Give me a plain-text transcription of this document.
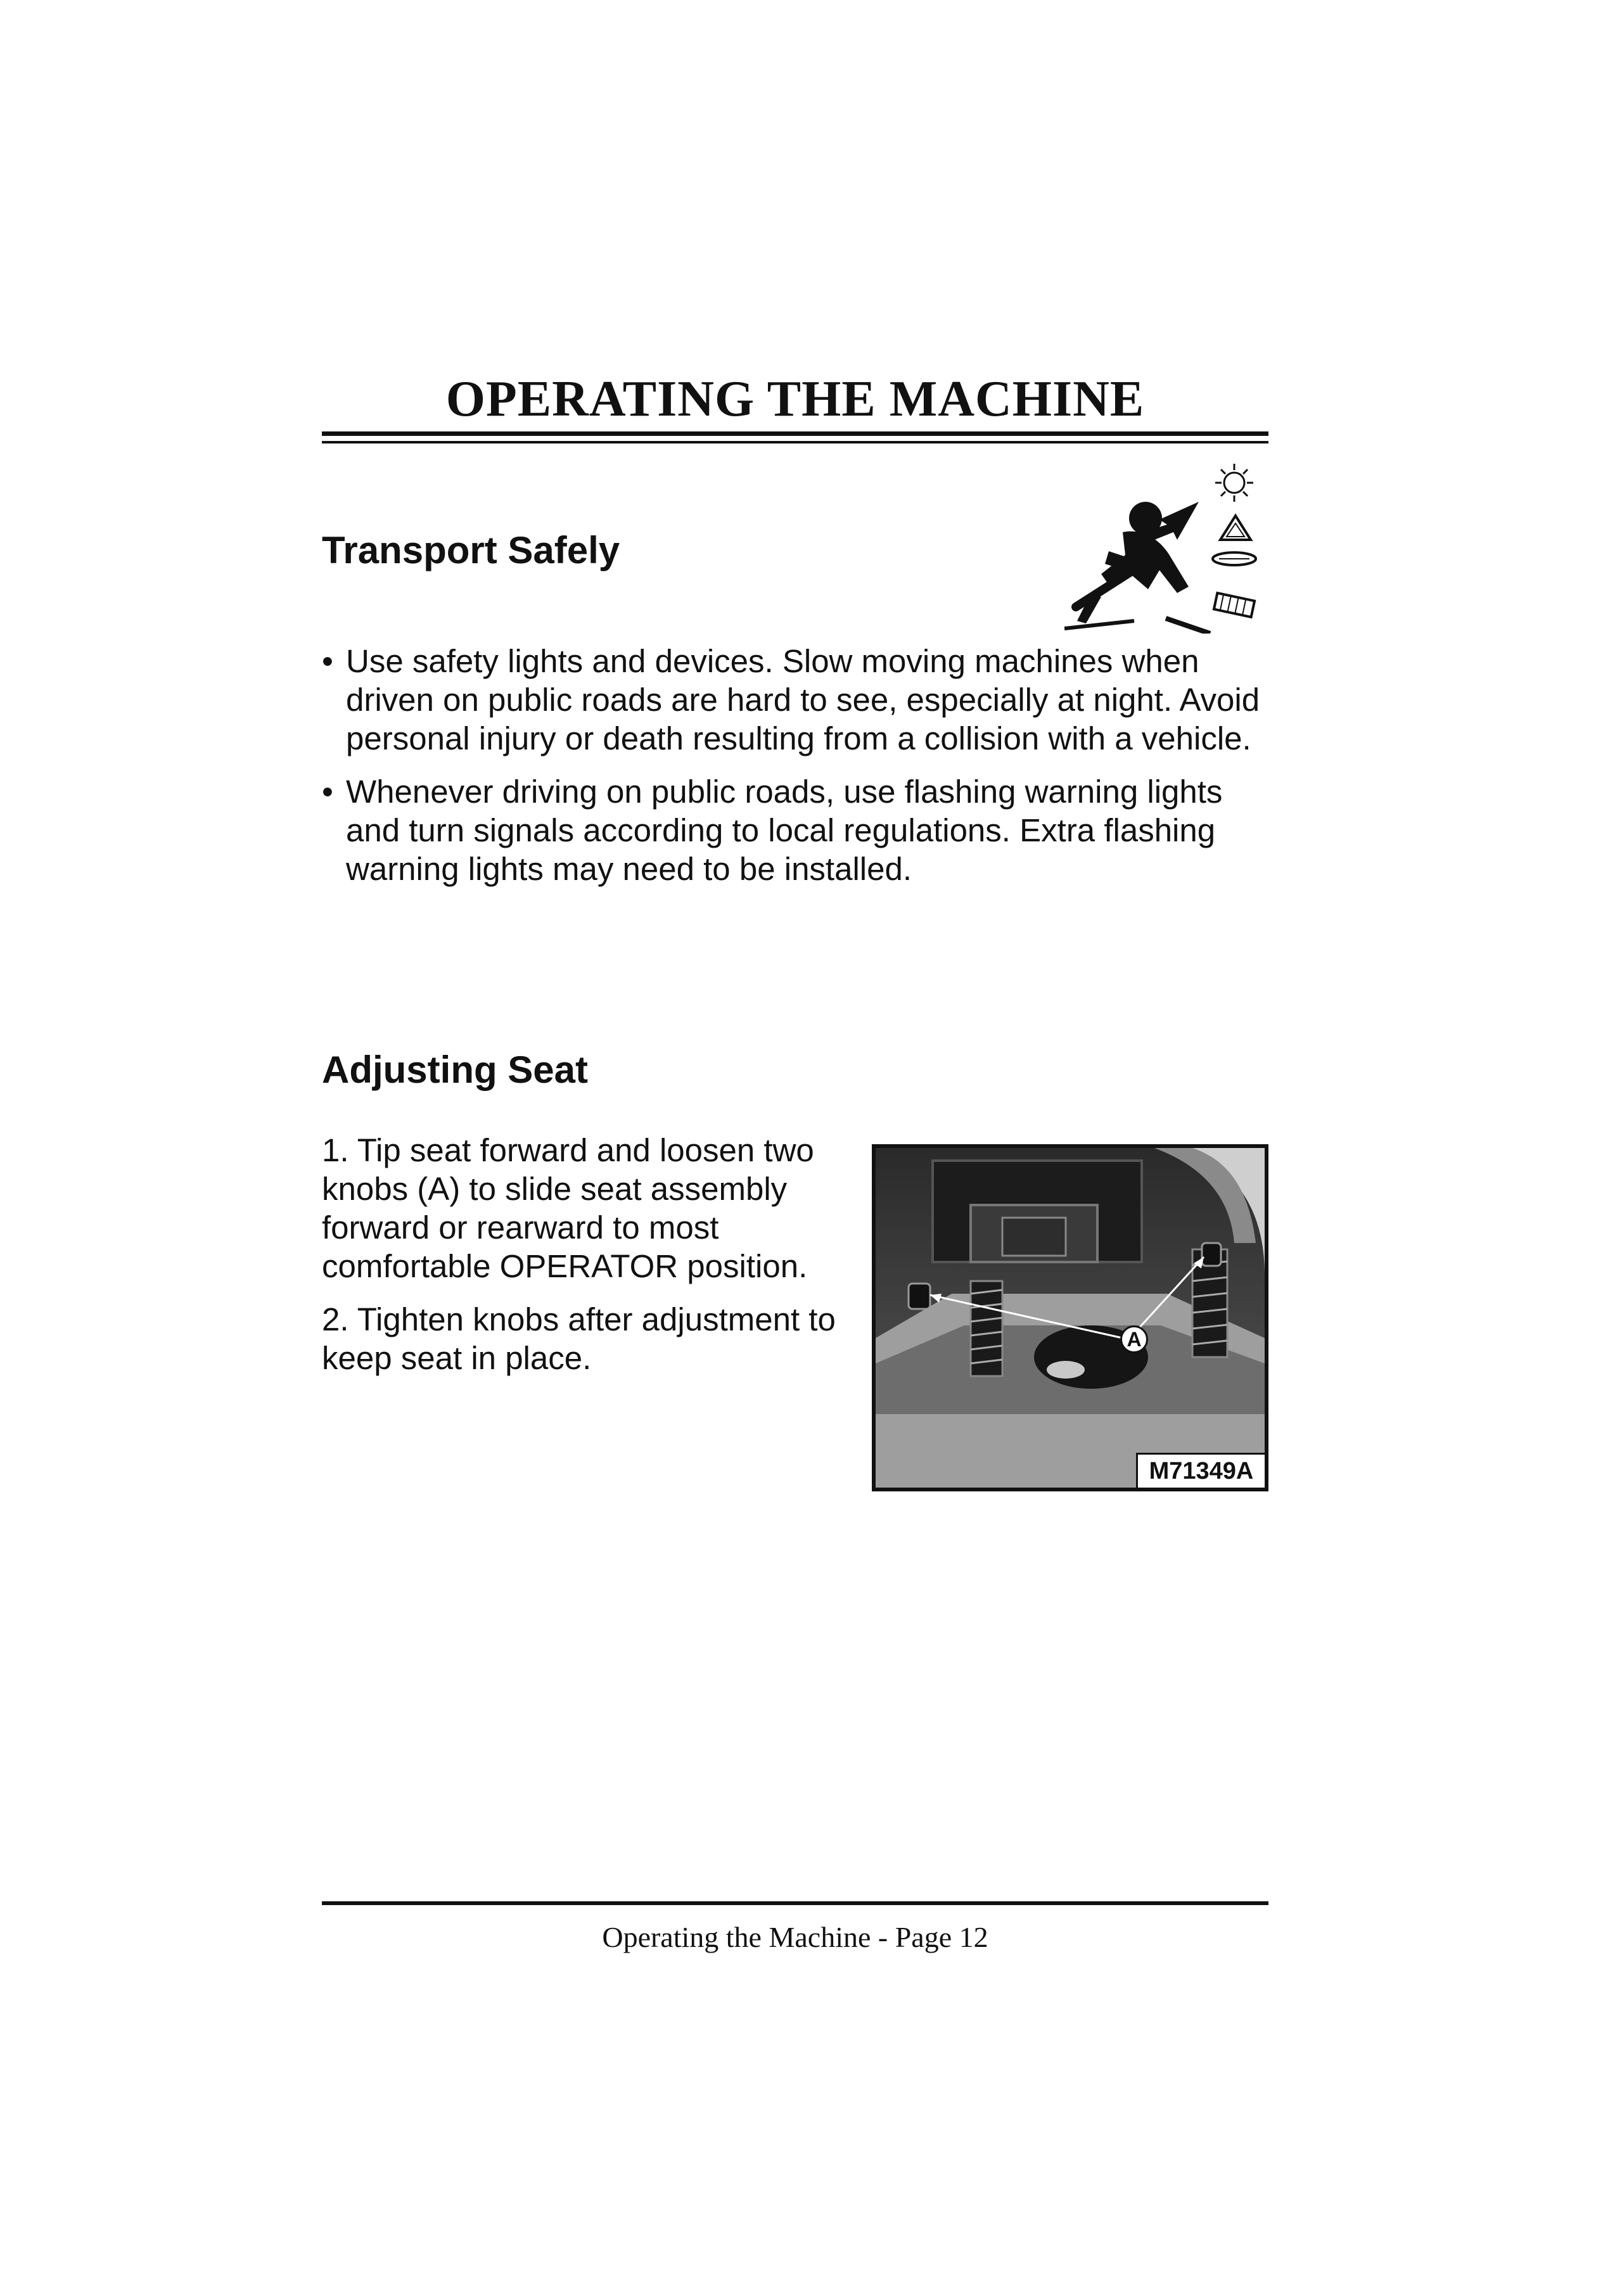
OPERATING THE MACHINE
Transport Safely
• Use safety lights and devices. Slow moving machines when driven on public roads are hard to see, especially at night. Avoid personal injury or death resulting from a collision with a vehicle.
• Whenever driving on public roads, use flashing warning lights and turn signals according to local regulations. Extra flashing warning lights may need to be installed.
Adjusting Seat
1. Tip seat forward and loosen two knobs (A) to slide seat assembly forward or rearward to most comfortable OPERATOR position.
2. Tighten knobs after adjustment to keep seat in place.
A
M71349A

Operating the Machine - Page 12
